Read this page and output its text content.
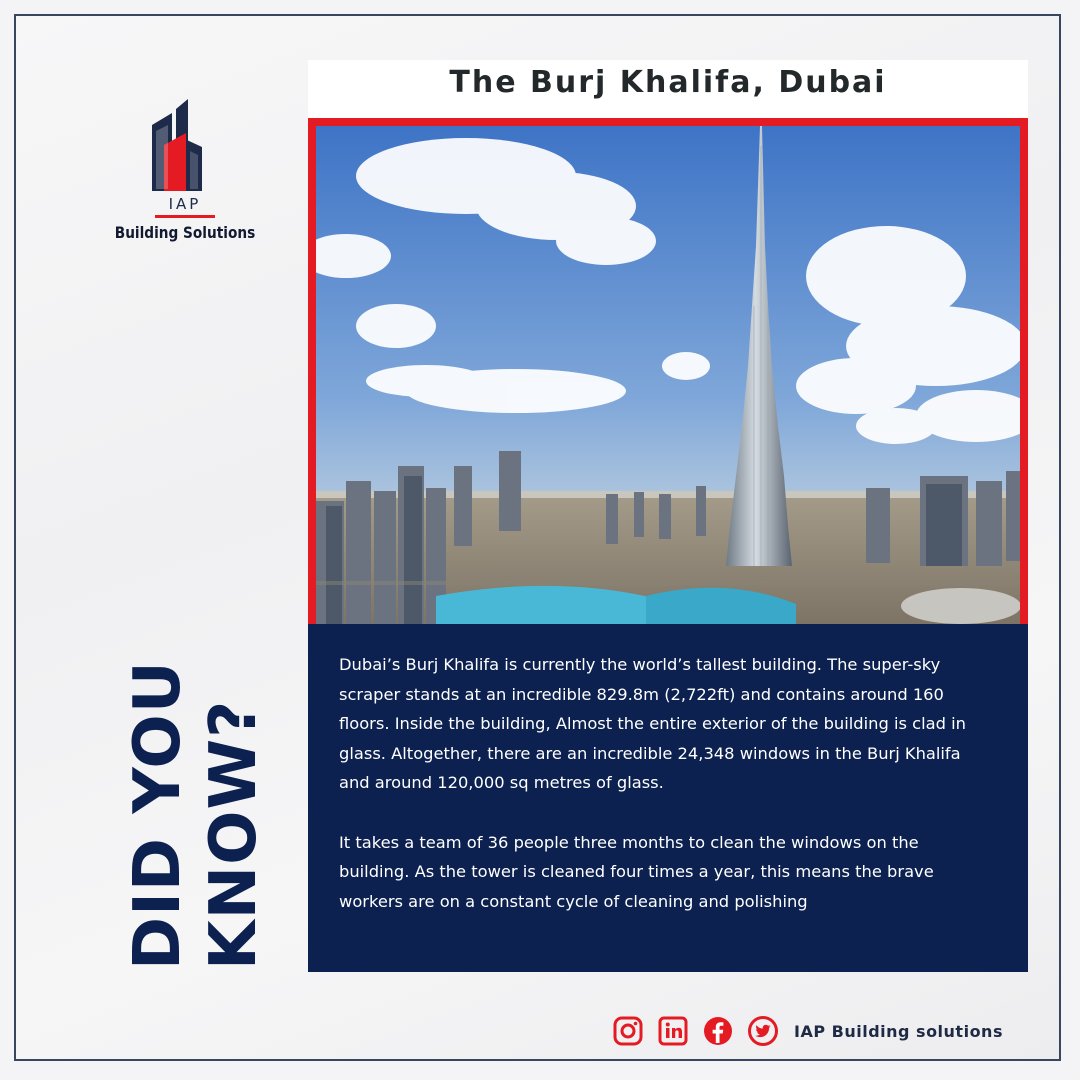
IAP
Building Solutions
The Burj Khalifa, Dubai

Dubai’s Burj Khalifa is currently the world’s tallest building. The super-sky scraper stands at an incredible 829.8m (2,722ft) and contains around 160 floors. Inside the building, Almost the entire exterior of the building is clad in glass. Altogether, there are an incredible 24,348 windows in the Burj Khalifa and around 120,000 sq metres of glass.

It takes a team of 36 people three months to clean the windows on the building. As the tower is cleaned four times a year, this means the brave workers are on a constant cycle of cleaning and polishing

DID YOU KNOW?
IAP Building solutions
